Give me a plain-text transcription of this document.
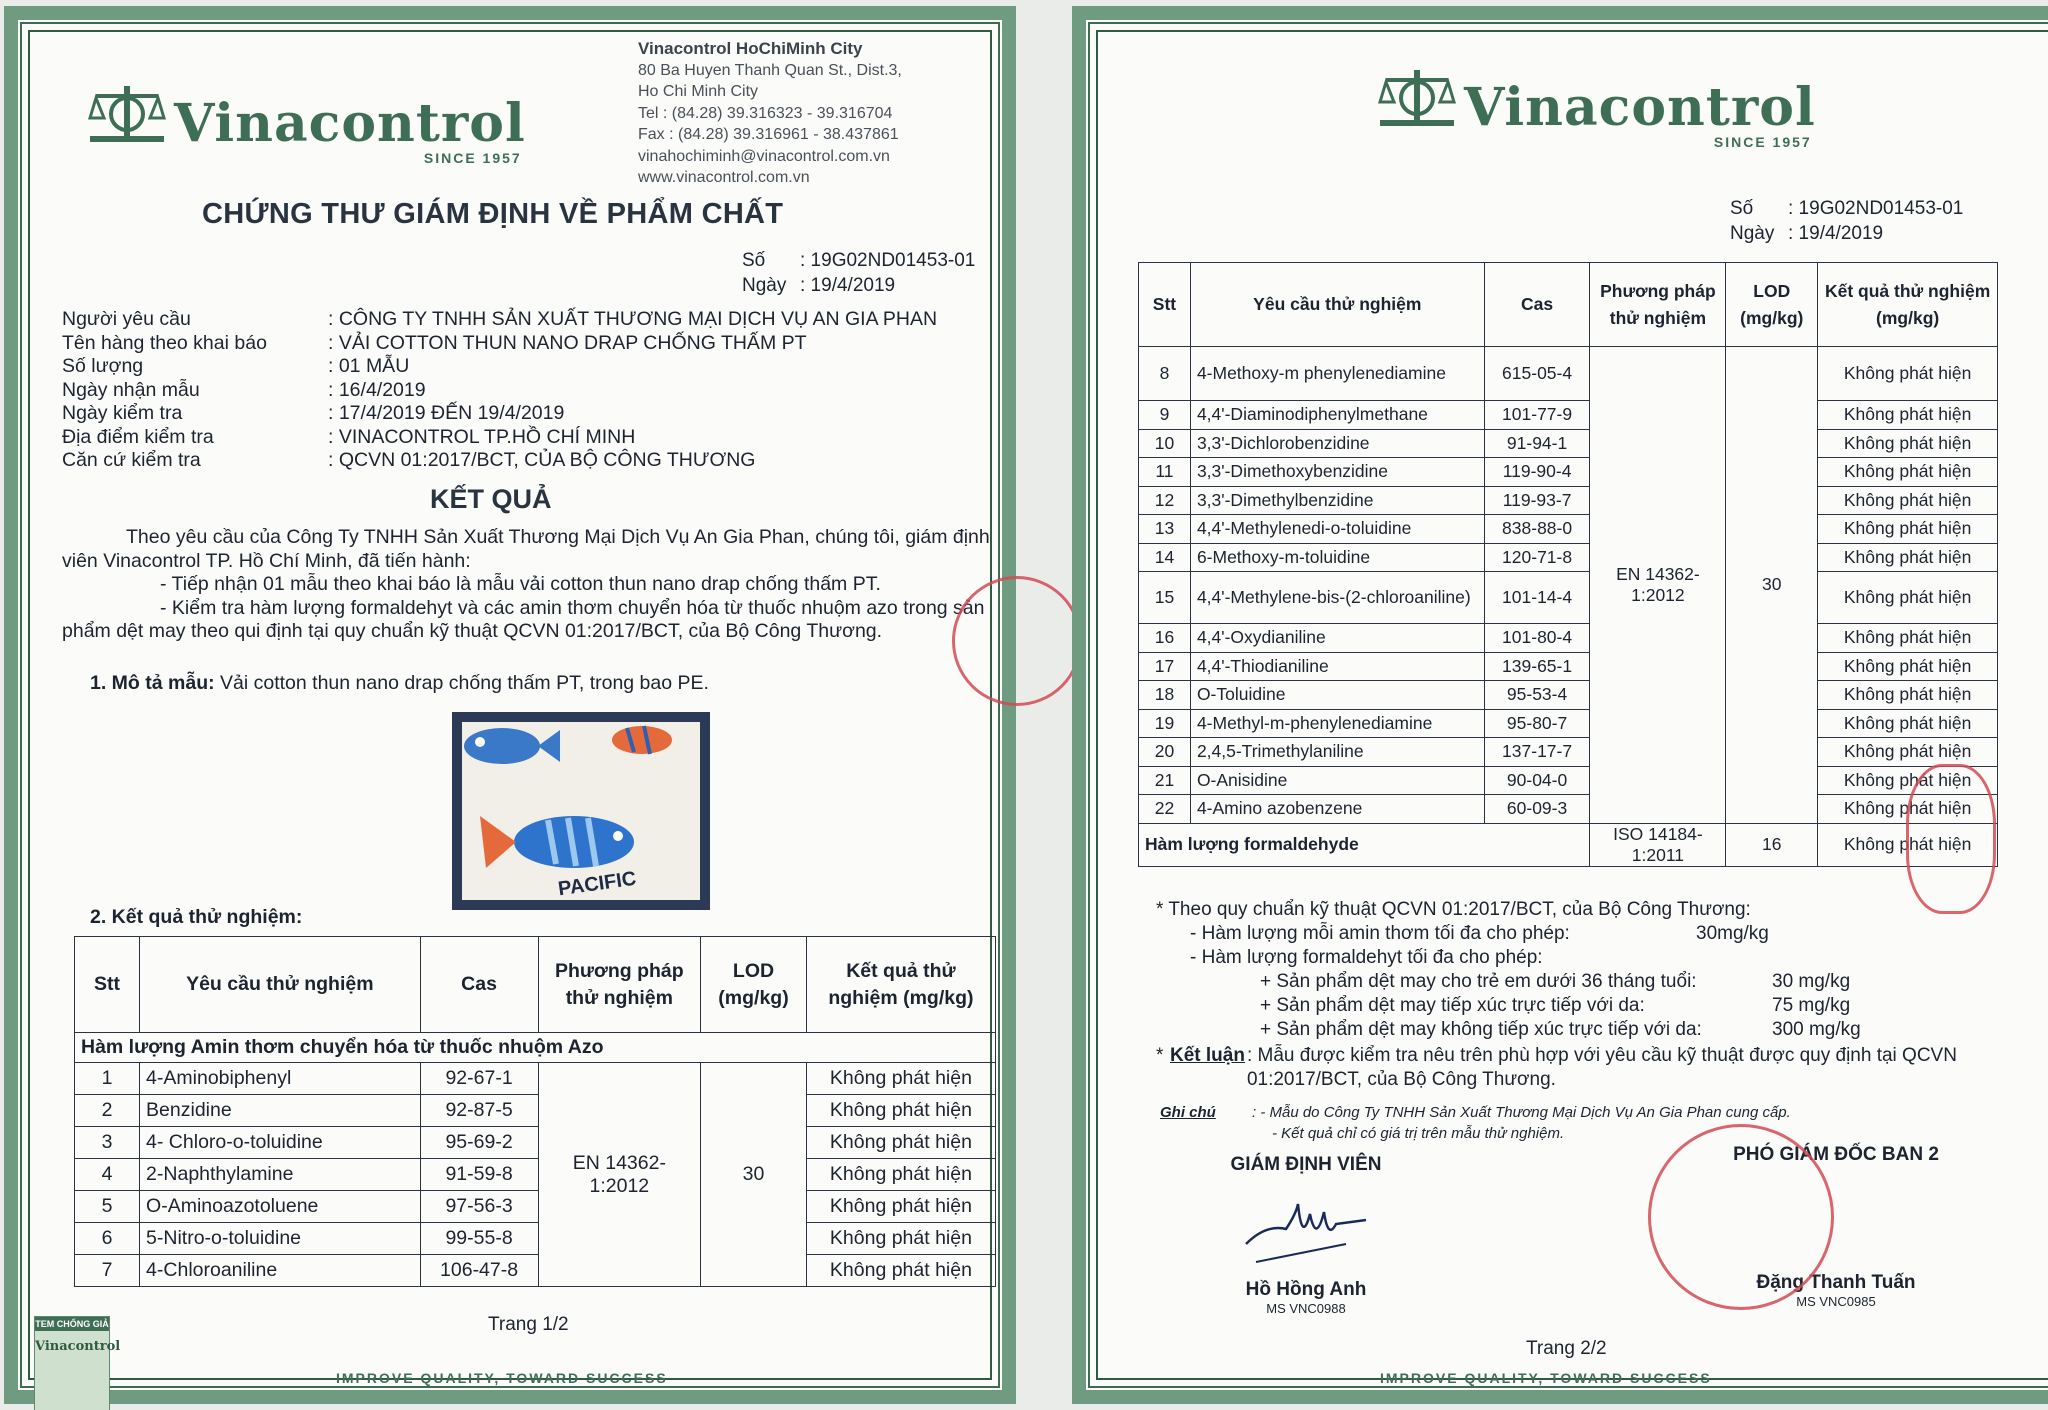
Vinacontrol
SINCE 1957
Vinacontrol HoChiMinh City
80 Ba Huyen Thanh Quan St., Dist.3,
Ho Chi Minh City
Tel : (84.28) 39.316323 - 39.316704
Fax : (84.28) 39.316961 - 38.437861
vinahochiminh@vinacontrol.com.vn
www.vinacontrol.com.vn
CHỨNG THƯ GIÁM ĐỊNH VỀ PHẨM CHẤT
Số	: 19G02ND01453-01
Ngày : 19/4/2019
Người yêu cầu	: CÔNG TY TNHH SẢN XUẤT THƯƠNG MẠI DỊCH VỤ AN GIA PHAN
Tên hàng theo khai báo	: VẢI COTTON THUN NANO DRAP CHỐNG THẤM PT
Số lượng	: 01 MẪU
Ngày nhận mẫu	: 16/4/2019
Ngày kiểm tra	: 17/4/2019 ĐẾN 19/4/2019
Địa điểm kiểm tra	: VINACONTROL TP.HỒ CHÍ MINH
Căn cứ kiểm tra	: QCVN 01:2017/BCT, CỦA BỘ CÔNG THƯƠNG
KẾT QUẢ

Theo yêu cầu của Công Ty TNHH Sản Xuất Thương Mại Dịch Vụ An Gia Phan, chúng tôi, giám định viên Vinacontrol TP. Hồ Chí Minh, đã tiến hành:

- Tiếp nhận 01 mẫu theo khai báo là mẫu vải cotton thun nano drap chống thấm PT.

- Kiểm tra hàm lượng formaldehyt và các amin thơm chuyển hóa từ thuốc nhuộm azo trong sản phẩm dệt may theo qui định tại quy chuẩn kỹ thuật QCVN 01:2017/BCT, của Bộ Công Thương.

1. Mô tả mẫu: Vải cotton thun nano drap chống thấm PT, trong bao PE.
PACIFIC
2. Kết quả thử nghiệm:
Stt	Yêu cầu thử nghiệm	Cas	Phương pháp thử nghiệm	LOD (mg/kg)	Kết quả thử nghiệm (mg/kg)
Hàm lượng Amin thơm chuyển hóa từ thuốc nhuộm Azo					
1	4-Aminobiphenyl	92-67-1	EN 14362-1:2012	30	Không phát hiện
2	Benzidine	92-87-5			Không phát hiện
3	4- Chloro-o-toluidine	95-69-2			Không phát hiện
4	2-Naphthylamine	91-59-8			Không phát hiện
5	O-Aminoazotoluene	97-56-3			Không phát hiện
6	5-Nitro-o-toluidine	99-55-8			Không phát hiện
7	4-Chloroaniline	106-47-8			Không phát hiện
TEM CHỐNG GIẢ
Vinacontrol
Trang 1/2
IMPROVE QUALITY, TOWARD SUCCESS
Vinacontrol
SINCE 1957
Số	: 19G02ND01453-01
Ngày : 19/4/2019
Stt	Yêu cầu thử nghiệm	Cas	Phương pháp thử nghiệm	LOD (mg/kg)	Kết quả thử nghiệm (mg/kg)
8	4-Methoxy-m phenylenediamine	615-05-4	EN 14362-1:2012	30	Không phát hiện
9	4,4'-Diaminodiphenylmethane	101-77-9			Không phát hiện
10	3,3'-Dichlorobenzidine	91-94-1			Không phát hiện
11	3,3'-Dimethoxybenzidine	119-90-4			Không phát hiện
12	3,3'-Dimethylbenzidine	119-93-7			Không phát hiện
13	4,4'-Methylenedi-o-toluidine	838-88-0			Không phát hiện
14	6-Methoxy-m-toluidine	120-71-8			Không phát hiện
15	4,4'-Methylene-bis-(2-chloroaniline)	101-14-4			Không phát hiện
16	4,4'-Oxydianiline	101-80-4			Không phát hiện
17	4,4'-Thiodianiline	139-65-1			Không phát hiện
18	O-Toluidine	95-53-4			Không phát hiện
19	4-Methyl-m-phenylenediamine	95-80-7			Không phát hiện
20	2,4,5-Trimethylaniline	137-17-7			Không phát hiện
21	O-Anisidine	90-04-0			Không phát hiện
22	4-Amino azobenzene	60-09-3			Không phát hiện
Hàm lượng formaldehyde			ISO 14184-1:2011	16	Không phát hiện
* Theo quy chuẩn kỹ thuật QCVN 01:2017/BCT, của Bộ Công Thương:
- Hàm lượng mỗi amin thơm tối đa cho phép:	30mg/kg
- Hàm lượng formaldehyt tối đa cho phép:
+ Sản phẩm dệt may cho trẻ em dưới 36 tháng tuổi:	30 mg/kg
+ Sản phẩm dệt may tiếp xúc trực tiếp với da:	75 mg/kg
+ Sản phẩm dệt may không tiếp xúc trực tiếp với da:	300 mg/kg
* Kết luận : Mẫu được kiểm tra nêu trên phù hợp với yêu cầu kỹ thuật được quy định tại QCVN 01:2017/BCT, của Bộ Công Thương.
Ghi chú : - Mẫu do Công Ty TNHH Sản Xuất Thương Mại Dịch Vụ An Gia Phan cung cấp.
- Kết quả chỉ có giá trị trên mẫu thử nghiệm.
GIÁM ĐỊNH VIÊN
Hồ Hồng Anh
MS VNC0988
PHÓ GIÁM ĐỐC BAN 2
Đặng Thanh Tuấn
MS VNC0985
Trang 2/2
IMPROVE QUALITY, TOWARD SUCCESS
